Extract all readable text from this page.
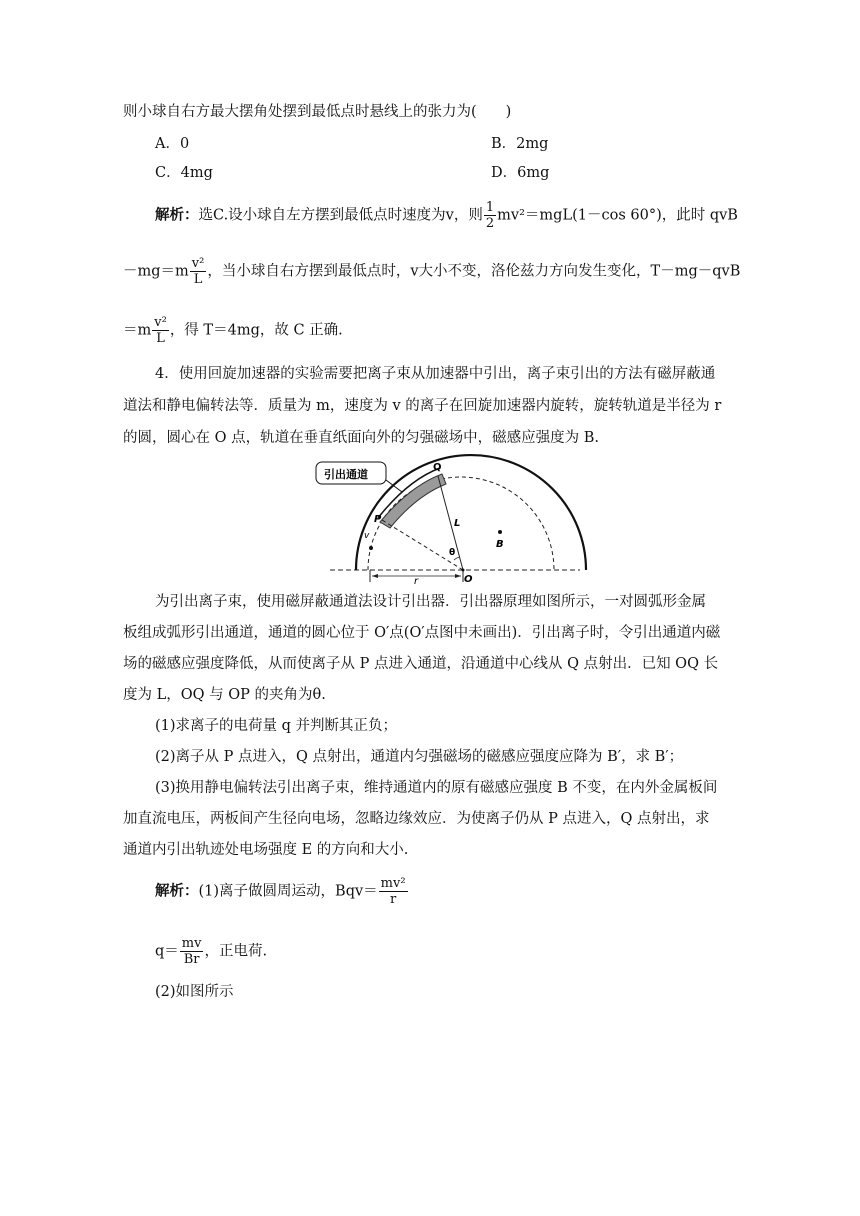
则小球自右方最大摆角处摆到最低点时悬线上的张力为(　　)
A．0	B．2mg
C．4mg	D．6mg
解析：选C.设小球自左方摆到最低点时速度为v，则 $\frac{1}{2} mv^2=mgL(1-\cos$ 60°)，此时 qvB
$-mg=m \frac{\text{v²}}{L}$ ，当小球自右方摆到最低点时，v大小不变，洛伦兹力方向发生变化，T－mg－qvB
$=m \frac{\text{v²}}{L}$ ，得 T＝4mg，故 C 正确.
4．使用回旋加速器的实验需要把离子束从加速器中引出，离子束引出的方法有磁屏蔽通
道法和静电偏转法等．质量为 m，速度为 v 的离子在回旋加速器内旋转，旋转轨道是半径为 r
的圆，圆心在 O 点，轨道在垂直纸面向外的匀强磁场中，磁感应强度为 B.
引出通道
Q
P	L
B
θ
v
r	O
为引出离子束，使用磁屏蔽通道法设计引出器．引出器原理如图所示，一对圆弧形金属
板组成弧形引出通道，通道的圆心位于 O′点(O′点图中未画出)．引出离子时，令引出通道内磁
场的磁感应强度降低，从而使离子从 P 点进入通道，沿通道中心线从 Q 点射出．已知 OQ 长
度为 L，OQ 与 OP 的夹角为θ.
(1)求离子的电荷量 q 并判断其正负；
(2)离子从 P 点进入，Q 点射出，通道内匀强磁场的磁感应强度应降为 B′，求 B′；
(3)换用静电偏转法引出离子束，维持通道内的原有磁感应强度 B 不变，在内外金属板间
加直流电压，两板间产生径向电场，忽略边缘效应．为使离子仍从 P 点进入，Q 点射出，求
通道内引出轨迹处电场强度 E 的方向和大小.
解析：(1)离子做圆周运动，$Bqv= \frac{\text{mv²}}{r}$
$q= \frac{mv}{Br}$ ，正电荷.
(2)如图所示
